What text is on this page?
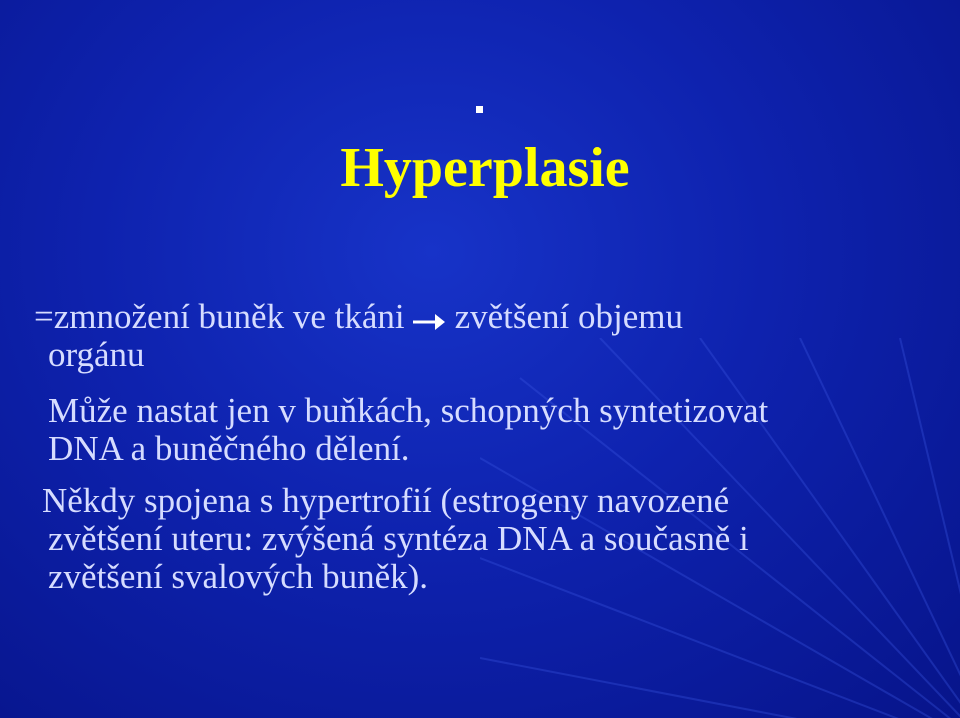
Hyperplasie
=zmnožení buněk ve tkáni zvětšení objemu
orgánu
Může nastat jen v buňkách, schopných syntetizovat
DNA a buněčného dělení.
Někdy spojena s hypertrofií (estrogeny navozené
zvětšení uteru: zvýšená syntéza DNA a současně i
zvětšení svalových buněk).
